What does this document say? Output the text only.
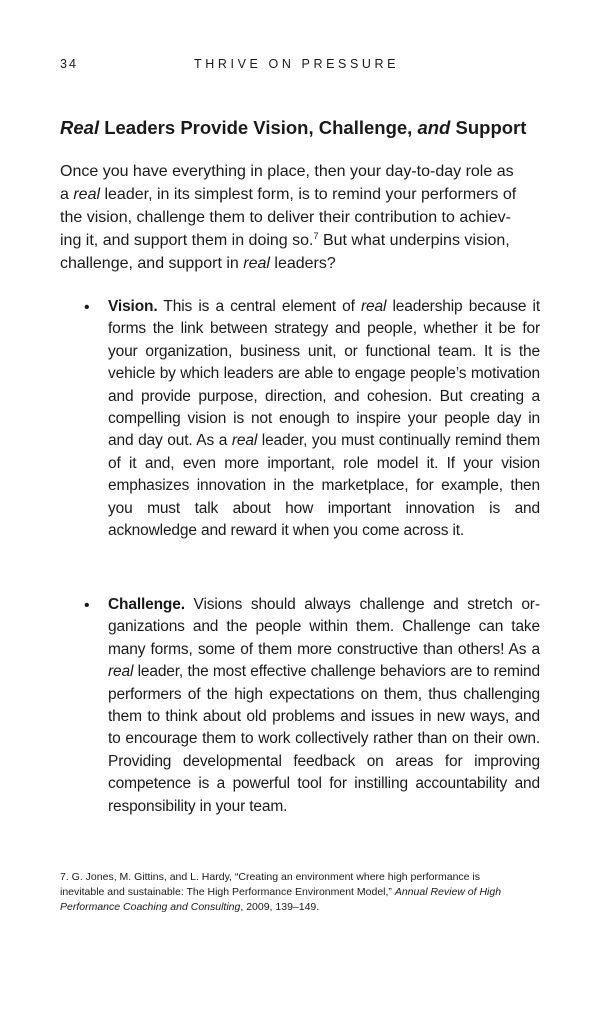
34	THRIVE ON PRESSURE
Real Leaders Provide Vision, Challenge, and Support

Once you have everything in place, then your day-to-day role as
a real leader, in its simplest form, is to remind your performers of
the vision, challenge them to deliver their contribution to achiev-
ing it, and support them in doing so.$^7$ But what underpins vision,
challenge, and support in real leaders?

• Vision. This is a central element of real leadership because it forms the link between strategy and people, whether it be for your organization, business unit, or functional team. It is the vehicle by which leaders are able to engage people’s motivation and provide purpose, direction, and cohesion. But creating a compelling vision is not enough to inspire your people day in and day out. As a real leader, you must continually remind them of it and, even more important, role model it. If your vision emphasizes innovation in the marketplace, for example, then you must talk about how important innovation is and acknowledge and reward it when you come across it.

• Challenge. Visions should always challenge and stretch organizations and the people within them. Challenge can take many forms, some of them more constructive than others! As a real leader, the most effective challenge behaviors are to remind performers of the high expectations on them, thus challenging them to think about old problems and issues in new ways, and to encourage them to work collectively rather than on their own. Providing developmental feedback on areas for improving competence is a powerful tool for instilling accountability and responsibility in your team.

7. G. Jones, M. Gittins, and L. Hardy, “Creating an environment where high performance is
inevitable and sustainable: The High Performance Environment Model,” Annual Review of High
Performance Coaching and Consulting, 2009, 139–149.
